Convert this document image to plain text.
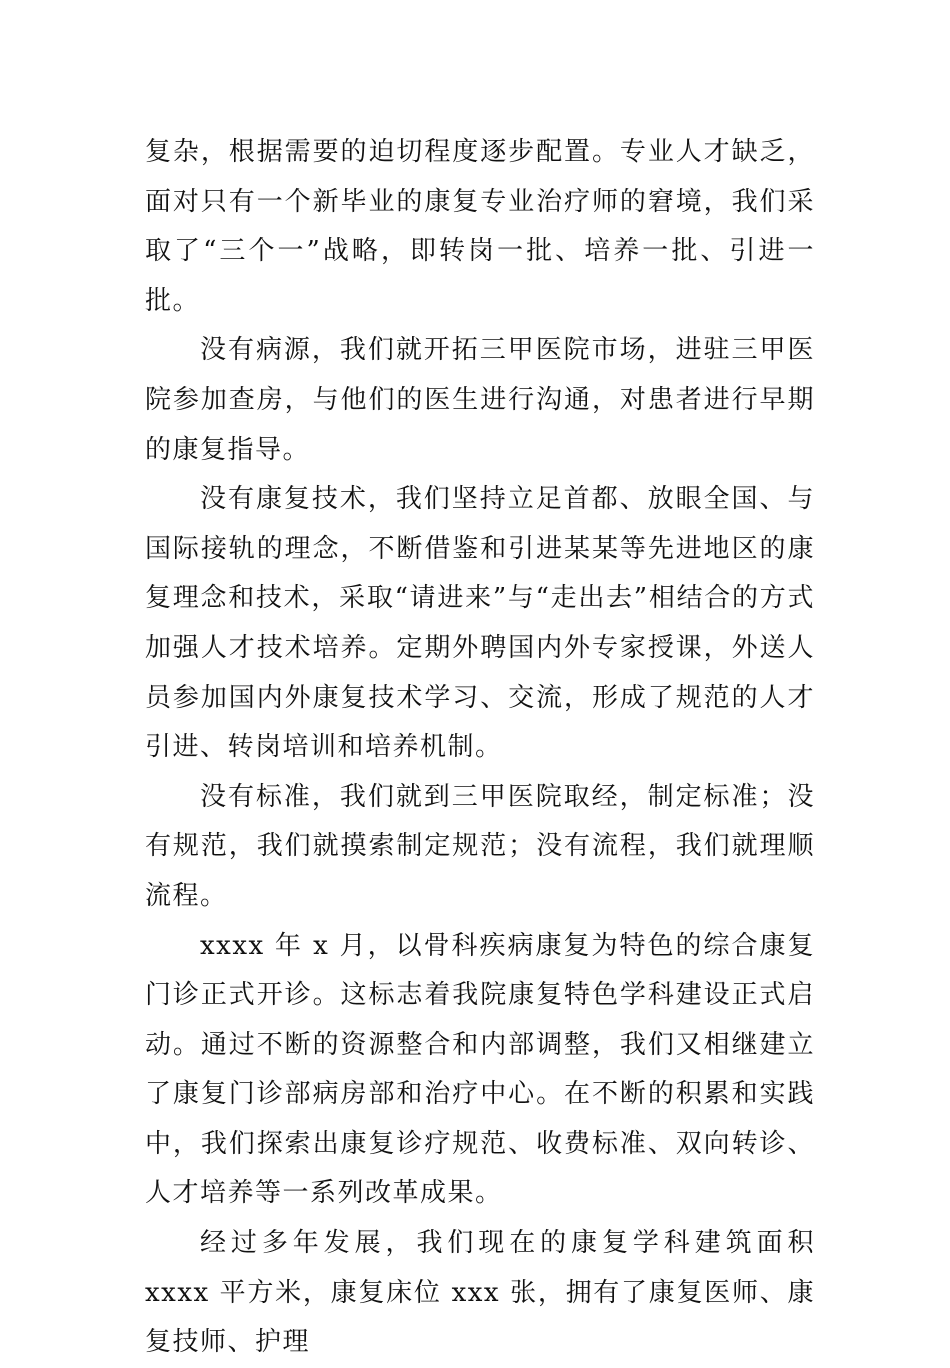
复杂，根据需要的迫切程度逐步配置。专业人才缺乏，面对只有一个新毕业的康复专业治疗师的窘境，我们采取了“三个一”战略，即转岗一批、培养一批、引进一批。

没有病源，我们就开拓三甲医院市场，进驻三甲医院参加查房，与他们的医生进行沟通，对患者进行早期的康复指导。

没有康复技术，我们坚持立足首都、放眼全国、与国际接轨的理念，不断借鉴和引进某某等先进地区的康复理念和技术，采取“请进来”与“走出去”相结合的方式加强人才技术培养。定期外聘国内外专家授课，外送人员参加国内外康复技术学习、交流，形成了规范的人才引进、转岗培训和培养机制。

没有标准，我们就到三甲医院取经，制定标准；没有规范，我们就摸索制定规范；没有流程，我们就理顺流程。

xxxx 年 x 月，以骨科疾病康复为特色的综合康复门诊正式开诊。这标志着我院康复特色学科建设正式启动。通过不断的资源整合和内部调整，我们又相继建立了康复门诊部病房部和治疗中心。在不断的积累和实践中，我们探索出康复诊疗规范、收费标准、双向转诊、人才培养等一系列改革成果。

经过多年发展，我们现在的康复学科建筑面积 xxxx 平方米，康复床位 xxx 张，拥有了康复医师、康复技师、护理
